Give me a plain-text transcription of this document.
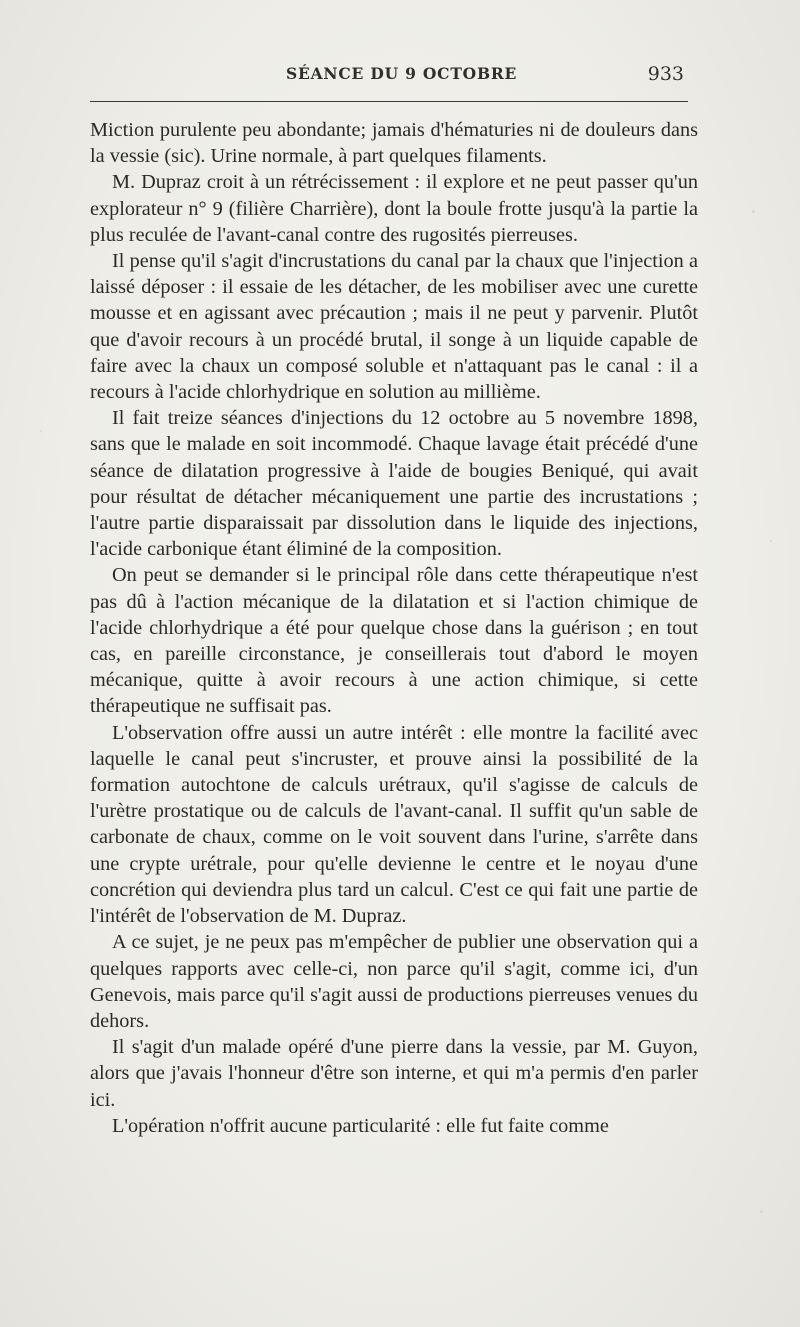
SÉANCE DU 9 OCTOBRE	933

Miction purulente peu abondante; jamais d'hématuries ni de douleurs dans la vessie (sic). Urine normale, à part quelques filaments.

M. Dupraz croit à un rétrécissement : il explore et ne peut passer qu'un explorateur n° 9 (filière Charrière), dont la boule frotte jusqu'à la partie la plus reculée de l'avant-canal contre des rugosités pierreuses.

Il pense qu'il s'agit d'incrustations du canal par la chaux que l'injection a laissé déposer : il essaie de les détacher, de les mobiliser avec une curette mousse et en agissant avec précaution ; mais il ne peut y parvenir. Plutôt que d'avoir recours à un procédé brutal, il songe à un liquide capable de faire avec la chaux un composé soluble et n'attaquant pas le canal : il a recours à l'acide chlorhydrique en solution au millième.

Il fait treize séances d'injections du 12 octobre au 5 novembre 1898, sans que le malade en soit incommodé. Chaque lavage était précédé d'une séance de dilatation progressive à l'aide de bougies Beniqué, qui avait pour résultat de détacher mécaniquement une partie des incrustations ; l'autre partie disparaissait par dissolution dans le liquide des injections, l'acide carbonique étant éliminé de la composition.

On peut se demander si le principal rôle dans cette thérapeutique n'est pas dû à l'action mécanique de la dilatation et si l'action chimique de l'acide chlorhydrique a été pour quelque chose dans la guérison ; en tout cas, en pareille circonstance, je conseillerais tout d'abord le moyen mécanique, quitte à avoir recours à une action chimique, si cette thérapeutique ne suffisait pas.

L'observation offre aussi un autre intérêt : elle montre la facilité avec laquelle le canal peut s'incruster, et prouve ainsi la possibilité de la formation autochtone de calculs urétraux, qu'il s'agisse de calculs de l'urètre prostatique ou de calculs de l'avant-canal. Il suffit qu'un sable de carbonate de chaux, comme on le voit souvent dans l'urine, s'arrête dans une crypte urétrale, pour qu'elle devienne le centre et le noyau d'une concrétion qui deviendra plus tard un calcul. C'est ce qui fait une partie de l'intérêt de l'observation de M. Dupraz.

A ce sujet, je ne peux pas m'empêcher de publier une observation qui a quelques rapports avec celle-ci, non parce qu'il s'agit, comme ici, d'un Genevois, mais parce qu'il s'agit aussi de productions pierreuses venues du dehors.

Il s'agit d'un malade opéré d'une pierre dans la vessie, par M. Guyon, alors que j'avais l'honneur d'être son interne, et qui m'a permis d'en parler ici.

L'opération n'offrit aucune particularité : elle fut faite comme
